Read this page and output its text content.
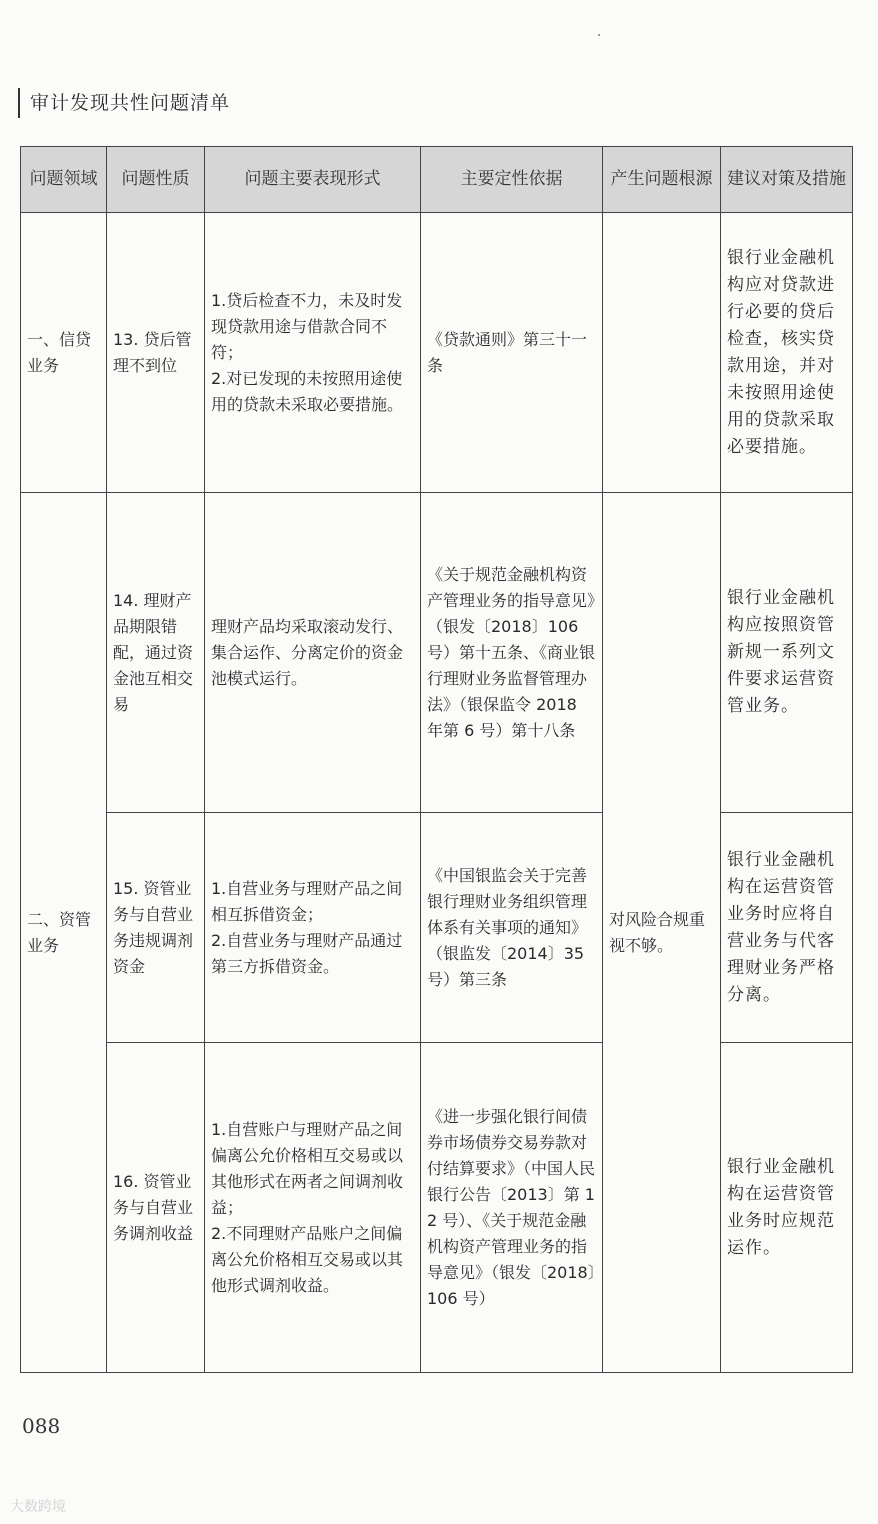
审计发现共性问题清单
问题领域	问题性质	问题主要表现形式	主要定性依据	产生问题根源	建议对策及措施
一、信贷业务	13. 贷后管理不到位	1.贷后检查不力，未及时发现贷款用途与借款合同不符；
2.对已发现的未按照用途使用的贷款未采取必要措施。	《贷款通则》第三十一条		银行业金融机构应对贷款进行必要的贷后检查，核实贷款用途，并对未按照用途使用的贷款采取必要措施。
二、资管业务	14. 理财产品期限错配，通过资金池互相交易	理财产品均采取滚动发行、集合运作、分离定价的资金池模式运行。	《关于规范金融机构资产管理业务的指导意见》（银发〔2018〕106 号）第十五条、《商业银行理财业务监督管理办法》（银保监令 2018 年第 6 号）第十八条	对风险合规重视不够。	银行业金融机构应按照资管新规一系列文件要求运营资管业务。
	15. 资管业务与自营业务违规调剂资金	1.自营业务与理财产品之间相互拆借资金；
2.自营业务与理财产品通过第三方拆借资金。	《中国银监会关于完善银行理财业务组织管理体系有关事项的通知》（银监发〔2014〕35 号）第三条		银行业金融机构在运营资管业务时应将自营业务与代客理财业务严格分离。
	16. 资管业务与自营业务调剂收益	1.自营账户与理财产品之间偏离公允价格相互交易或以其他形式在两者之间调剂收益；
2.不同理财产品账户之间偏离公允价格相互交易或以其他形式调剂收益。	《进一步强化银行间债券市场债券交易券款对付结算要求》（中国人民银行公告〔2013〕第 12 号）、《关于规范金融机构资产管理业务的指导意见》（银发〔2018〕106 号）		银行业金融机构在运营资管业务时应规范运作。
088
大数跨境
